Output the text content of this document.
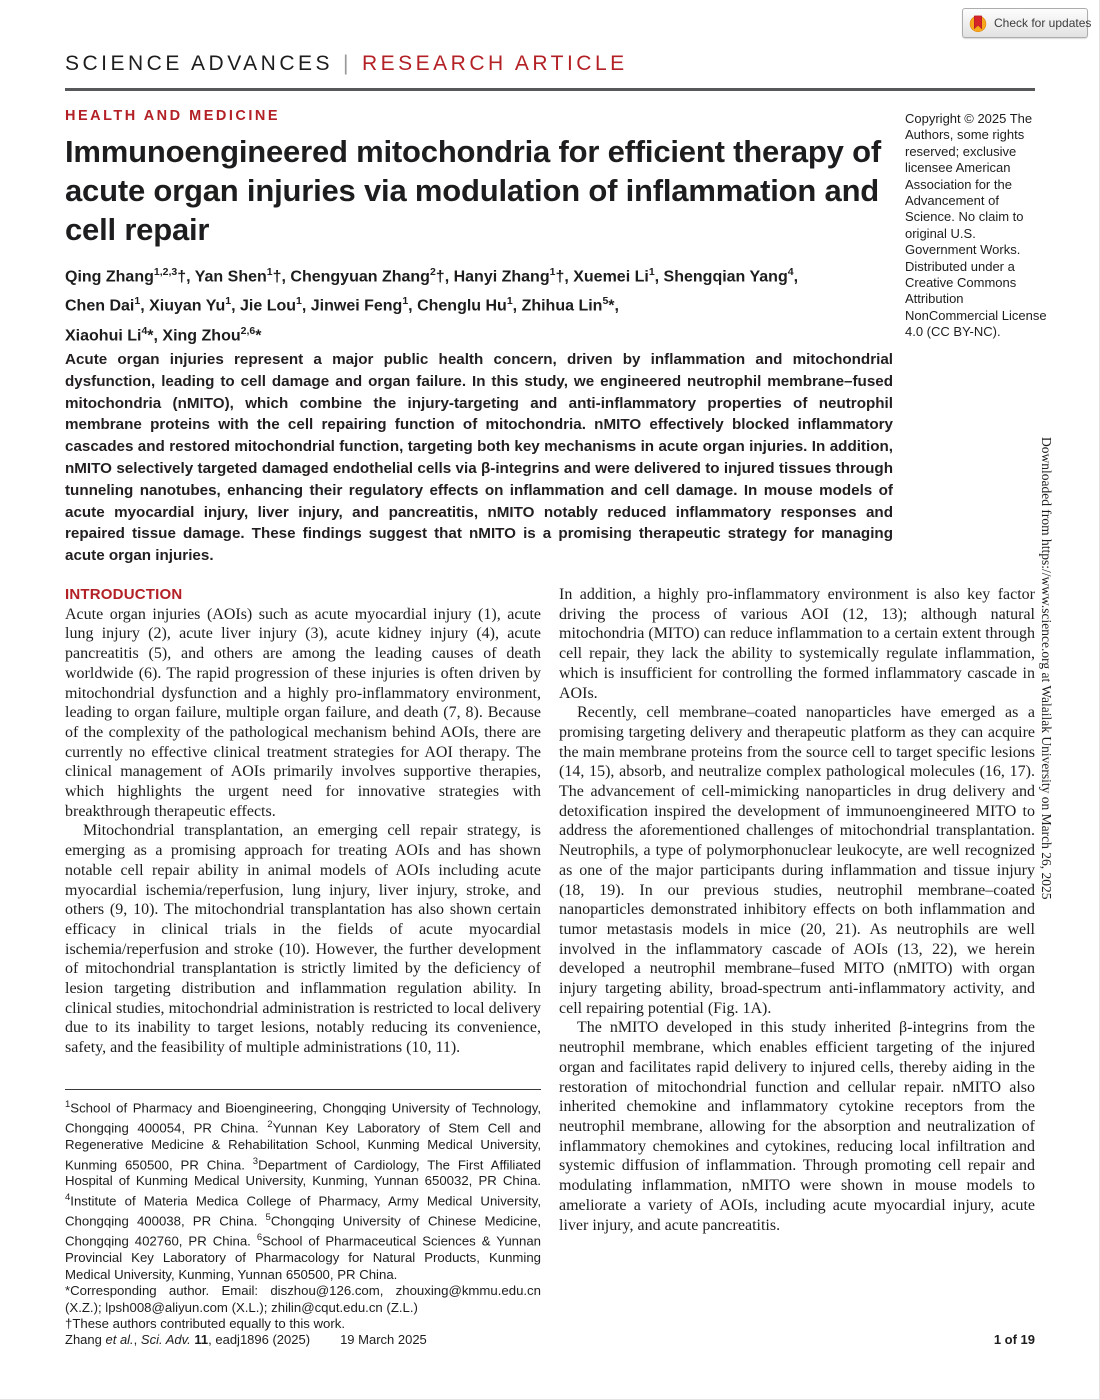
Check for updates
SCIENCE ADVANCES | RESEARCH ARTICLE
HEALTH AND MEDICINE
Immunoengineered mitochondria for efficient therapy of acute organ injuries via modulation of inflammation and cell repair
Qing Zhang$^{1,2,3}$†, Yan Shen$^1$†, Chengyuan Zhang$^2$†, Hanyi Zhang$^1$†, Xuemei Li$^1$, Shengqian Yang$^4$,
Chen Dai$^1$, Xiuyan Yu$^1$, Jie Lou$^1$, Jinwei Feng$^1$, Chenglu Hu$^1$, Zhihua Lin$^5$*,
Xiaohui Li$^4$*, Xing Zhou$^{2,6}$*

Acute organ injuries represent a major public health concern, driven by inflammation and mitochondrial dysfunction, leading to cell damage and organ failure. In this study, we engineered neutrophil membrane–fused mitochondria (nMITO), which combine the injury-targeting and anti-inflammatory properties of neutrophil membrane proteins with the cell repairing function of mitochondria. nMITO effectively blocked inflammatory cascades and restored mitochondrial function, targeting both key mechanisms in acute organ injuries. In addition, nMITO selectively targeted damaged endothelial cells via β-integrins and were delivered to injured tissues through tunneling nanotubes, enhancing their regulatory effects on inflammation and cell damage. In mouse models of acute myocardial injury, liver injury, and pancreatitis, nMITO notably reduced inflammatory responses and repaired tissue damage. These findings suggest that nMITO is a promising therapeutic strategy for managing acute organ injuries.

Copyright © 2025 The Authors, some rights reserved; exclusive licensee American Association for the Advancement of Science. No claim to original U.S. Government Works. Distributed under a Creative Commons Attribution NonCommercial License 4.0 (CC BY-NC).
Downloaded from https://www.science.org at Walailak University on March 26, 2025
INTRODUCTION

Acute organ injuries (AOIs) such as acute myocardial injury (1), acute lung injury (2), acute liver injury (3), acute kidney injury (4), acute pancreatitis (5), and others are among the leading causes of death worldwide (6). The rapid progression of these injuries is often driven by mitochondrial dysfunction and a highly pro-inflammatory environment, leading to organ failure, multiple organ failure, and death (7, 8). Because of the complexity of the pathological mechanism behind AOIs, there are currently no effective clinical treatment strategies for AOI therapy. The clinical management of AOIs primarily involves supportive therapies, which highlights the urgent need for innovative strategies with breakthrough therapeutic effects.

Mitochondrial transplantation, an emerging cell repair strategy, is emerging as a promising approach for treating AOIs and has shown notable cell repair ability in animal models of AOIs including acute myocardial ischemia/reperfusion, lung injury, liver injury, stroke, and others (9, 10). The mitochondrial transplantation has also shown certain efficacy in clinical trials in the fields of acute myocardial ischemia/reperfusion and stroke (10). However, the further development of mitochondrial transplantation is strictly limited by the deficiency of lesion targeting distribution and inflammation regulation ability. In clinical studies, mitochondrial administration is restricted to local delivery due to its inability to target lesions, notably reducing its convenience, safety, and the feasibility of multiple administrations (10, 11).

$^1$School of Pharmacy and Bioengineering, Chongqing University of Technology, Chongqing 400054, PR China. $^2$Yunnan Key Laboratory of Stem Cell and Regenerative Medicine & Rehabilitation School, Kunming Medical University, Kunming 650500, PR China. $^3$Department of Cardiology, The First Affiliated Hospital of Kunming Medical University, Kunming, Yunnan 650032, PR China. $^4$Institute of Materia Medica College of Pharmacy, Army Medical University, Chongqing 400038, PR China. $^5$Chongqing University of Chinese Medicine, Chongqing 402760, PR China. $^6$School of Pharmaceutical Sciences & Yunnan Provincial Key Laboratory of Pharmacology for Natural Products, Kunming Medical University, Kunming, Yunnan 650500, PR China.

*Corresponding author. Email: diszhou@126.com, zhouxing@kmmu.edu.cn (X.Z.); lpsh008@aliyun.com (X.L.); zhilin@cqut.edu.cn (Z.L.)

†These authors contributed equally to this work.

In addition, a highly pro-inflammatory environment is also key factor driving the process of various AOI (12, 13); although natural mitochondria (MITO) can reduce inflammation to a certain extent through cell repair, they lack the ability to systemically regulate inflammation, which is insufficient for controlling the formed inflammatory cascade in AOIs.

Recently, cell membrane–coated nanoparticles have emerged as a promising targeting delivery and therapeutic platform as they can acquire the main membrane proteins from the source cell to target specific lesions (14, 15), absorb, and neutralize complex pathological molecules (16, 17). The advancement of cell-mimicking nanoparticles in drug delivery and detoxification inspired the development of immunoengineered MITO to address the aforementioned challenges of mitochondrial transplantation. Neutrophils, a type of polymorphonuclear leukocyte, are well recognized as one of the major participants during inflammation and tissue injury (18, 19). In our previous studies, neutrophil membrane–coated nanoparticles demonstrated inhibitory effects on both inflammation and tumor metastasis models in mice (20, 21). As neutrophils are well involved in the inflammatory cascade of AOIs (13, 22), we herein developed a neutrophil membrane–fused MITO (nMITO) with organ injury targeting ability, broad-spectrum anti-inflammatory activity, and cell repairing potential (Fig. 1A).

The nMITO developed in this study inherited β-integrins from the neutrophil membrane, which enables efficient targeting of the injured organ and facilitates rapid delivery to injured cells, thereby aiding in the restoration of mitochondrial function and cellular repair. nMITO also inherited chemokine and inflammatory cytokine receptors from the neutrophil membrane, allowing for the absorption and neutralization of inflammatory chemokines and cytokines, reducing local infiltration and systemic diffusion of inflammation. Through promoting cell repair and modulating inflammation, nMITO were shown in mouse models to ameliorate a variety of AOIs, including acute myocardial injury, acute liver injury, and acute pancreatitis.

Zhang et al., Sci. Adv. 11, eadj1896 (2025) 19 March 2025	1 of 19
